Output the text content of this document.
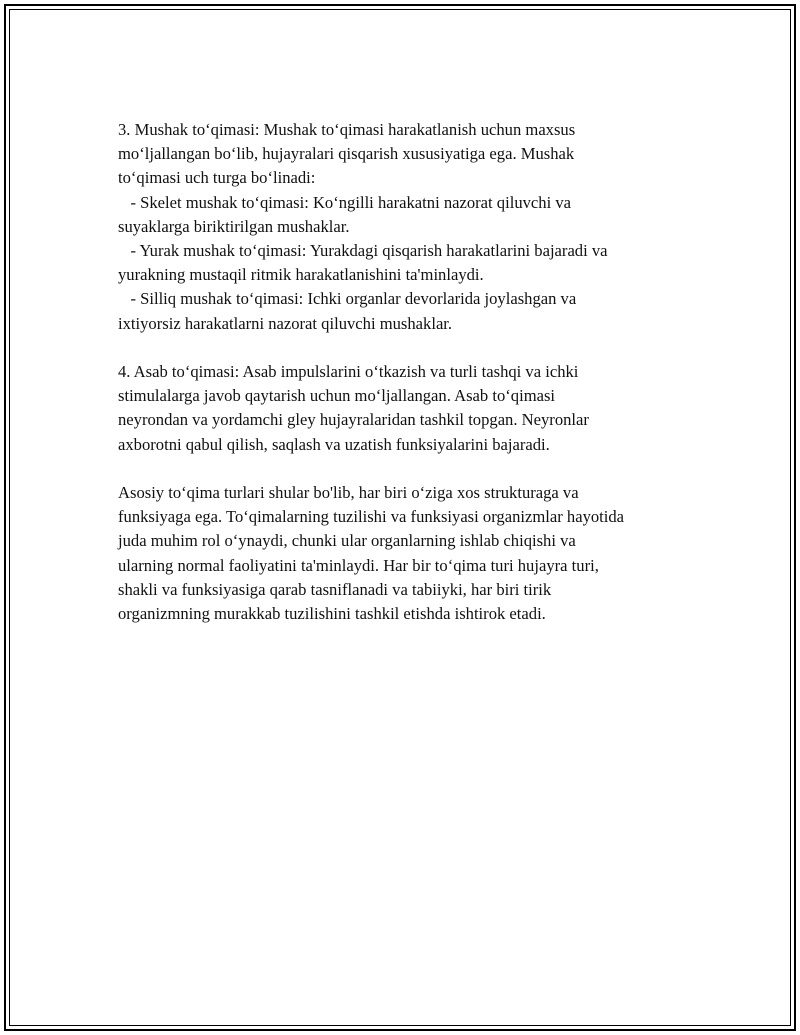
3. Mushak to‘qimasi: Mushak to‘qimasi harakatlanish uchun maxsus
mo‘ljallangan bo‘lib, hujayralari qisqarish xususiyatiga ega. Mushak
to‘qimasi uch turga bo‘linadi:
- Skelet mushak to‘qimasi: Ko‘ngilli harakatni nazorat qiluvchi va
suyaklarga biriktirilgan mushaklar.
- Yurak mushak to‘qimasi: Yurakdagi qisqarish harakatlarini bajaradi va
yurakning mustaqil ritmik harakatlanishini ta'minlaydi.
- Silliq mushak to‘qimasi: Ichki organlar devorlarida joylashgan va
ixtiyorsiz harakatlarni nazorat qiluvchi mushaklar.
4. Asab to‘qimasi: Asab impulslarini o‘tkazish va turli tashqi va ichki
stimulalarga javob qaytarish uchun mo‘ljallangan. Asab to‘qimasi
neyrondan va yordamchi gley hujayralaridan tashkil topgan. Neyronlar
axborotni qabul qilish, saqlash va uzatish funksiyalarini bajaradi.
Asosiy to‘qima turlari shular bo'lib, har biri o‘ziga xos strukturaga va
funksiyaga ega. To‘qimalarning tuzilishi va funksiyasi organizmlar hayotida
juda muhim rol o‘ynaydi, chunki ular organlarning ishlab chiqishi va
ularning normal faoliyatini ta'minlaydi. Har bir to‘qima turi hujayra turi,
shakli va funksiyasiga qarab tasniflanadi va tabiiyki, har biri tirik
organizmning murakkab tuzilishini tashkil etishda ishtirok etadi.
